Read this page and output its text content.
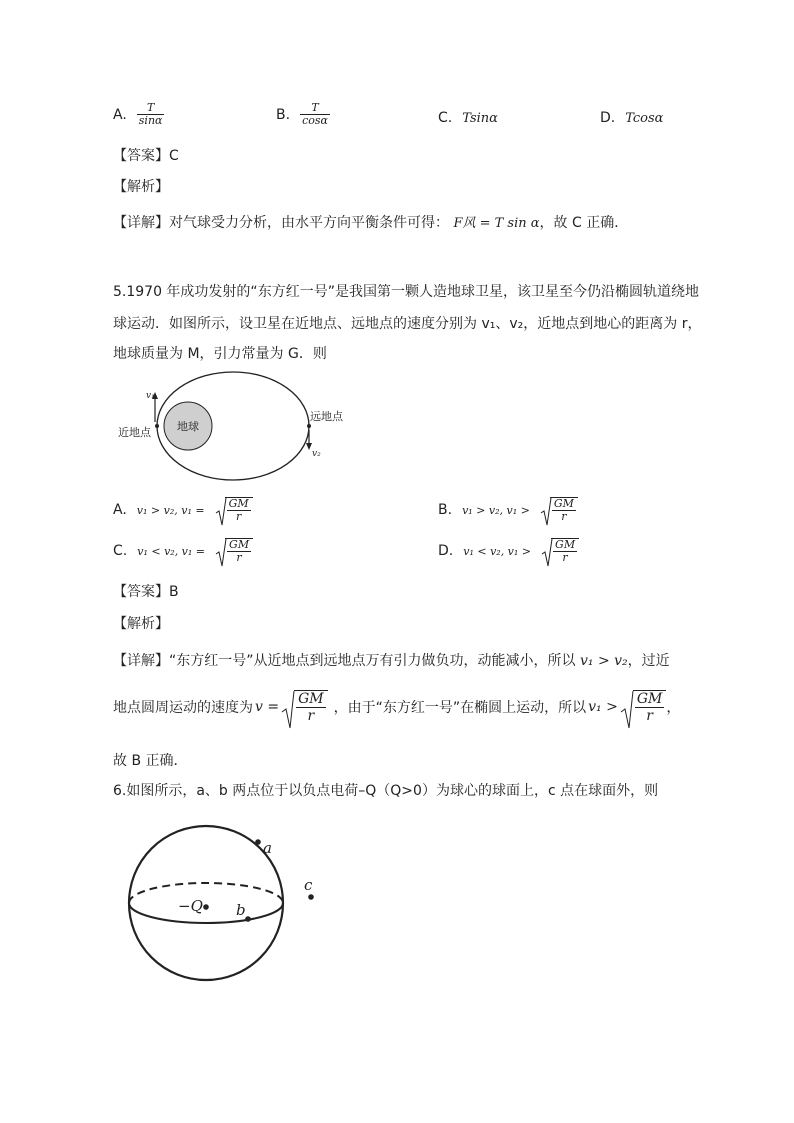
A. $\frac{T}{\sin\alpha}$	B. $\frac{T}{\cos\alpha}$	C. Tsinα	D. Tcosα
【答案】C
【解析】
【详解】对气球受力分析，由水平方向平衡条件可得： F风 = T sin α，故 C 正确．
5.1970 年成功发射的“东方红一号”是我国第一颗人造地球卫星，该卫星至今仍沿椭圆轨道绕地
球运动．如图所示，设卫星在近地点、远地点的速度分别为 v₁、v₂，近地点到地心的距离为 r，
地球质量为 M，引力常量为 G．则
地球
v₁
v₂
近地点
远地点
A. v₁ > v₂, $v_1 = \frac{GM}{r}$	B. v₁ > v₂, $v_1 > \frac{GM}{r}$
C. v₁ < v₂, $v_1 = \frac{GM}{r}$	D. v₁ < v₂, $v_1 > \frac{GM}{r}$
【答案】B
【解析】
【详解】“东方红一号”从近地点到远地点万有引力做负功，动能减小，所以 v₁ > v₂，过近
地点圆周运动的速度为 $v = \frac{GM}{r}$ ，由于“东方红一号”在椭圆上运动，所以 $v_1 > \frac{GM}{r}$ ，
故 B 正确．
6.如图所示，a、b 两点位于以负点电荷–Q（Q>0）为球心的球面上，c 点在球面外，则
−Q
a
b
c
